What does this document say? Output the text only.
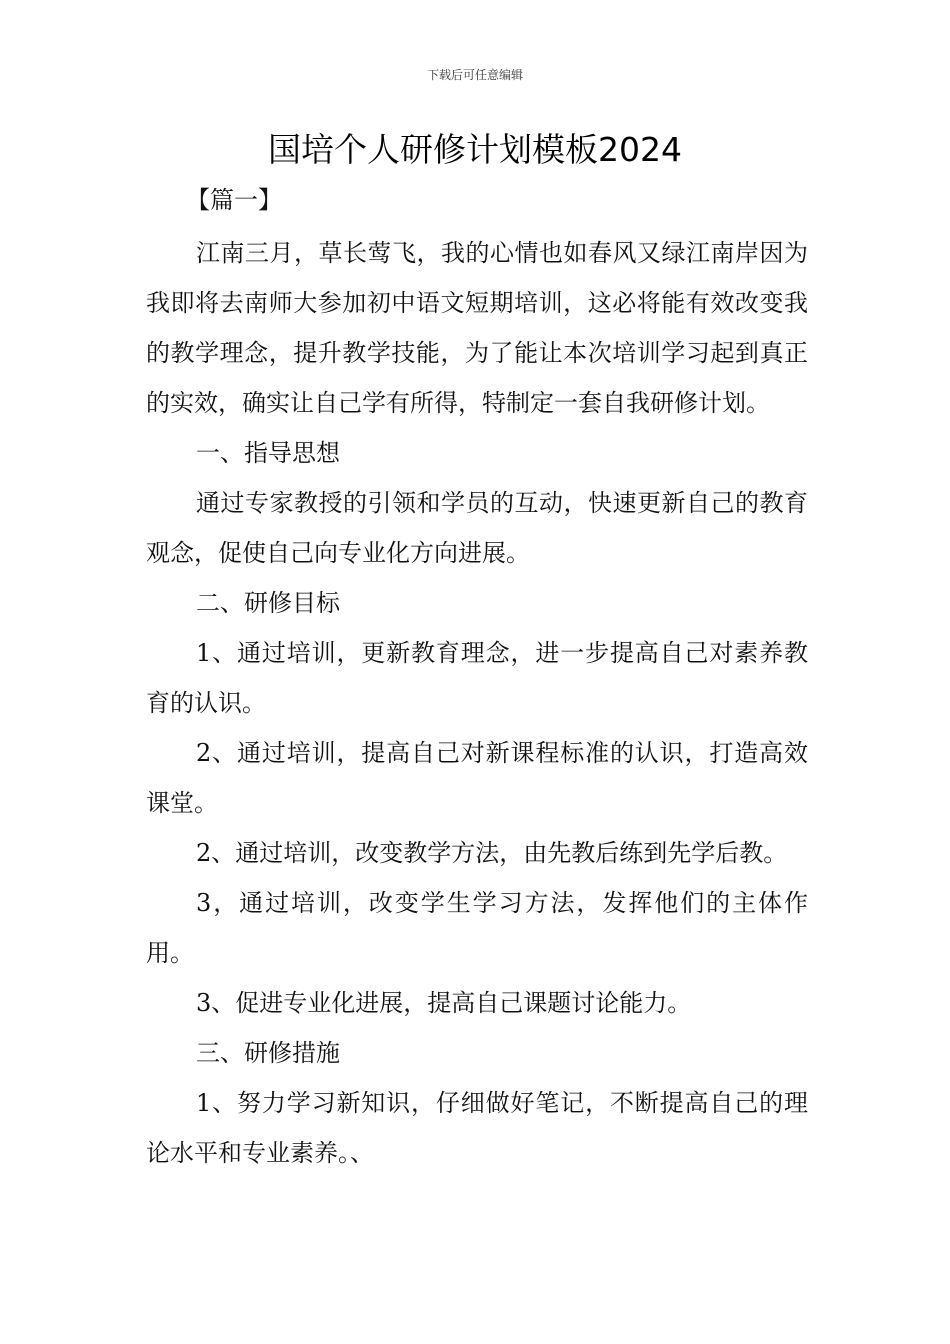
下载后可任意编辑
国培个人研修计划模板2024
【篇一】

江南三月，草长莺飞，我的心情也如春风又绿江南岸因为我即将去南师大参加初中语文短期培训，这必将能有效改变我的教学理念，提升教学技能，为了能让本次培训学习起到真正的实效，确实让自己学有所得，特制定一套自我研修计划。

一、指导思想

通过专家教授的引领和学员的互动，快速更新自己的教育观念，促使自己向专业化方向进展。

二、研修目标

1、通过培训，更新教育理念，进一步提高自己对素养教育的认识。

2、通过培训，提高自己对新课程标准的认识，打造高效课堂。

2、通过培训，改变教学方法，由先教后练到先学后教。

3，通过培训，改变学生学习方法，发挥他们的主体作用。

3、促进专业化进展，提高自己课题讨论能力。

三、研修措施

1、努力学习新知识，仔细做好笔记，不断提高自己的理论水平和专业素养。、
